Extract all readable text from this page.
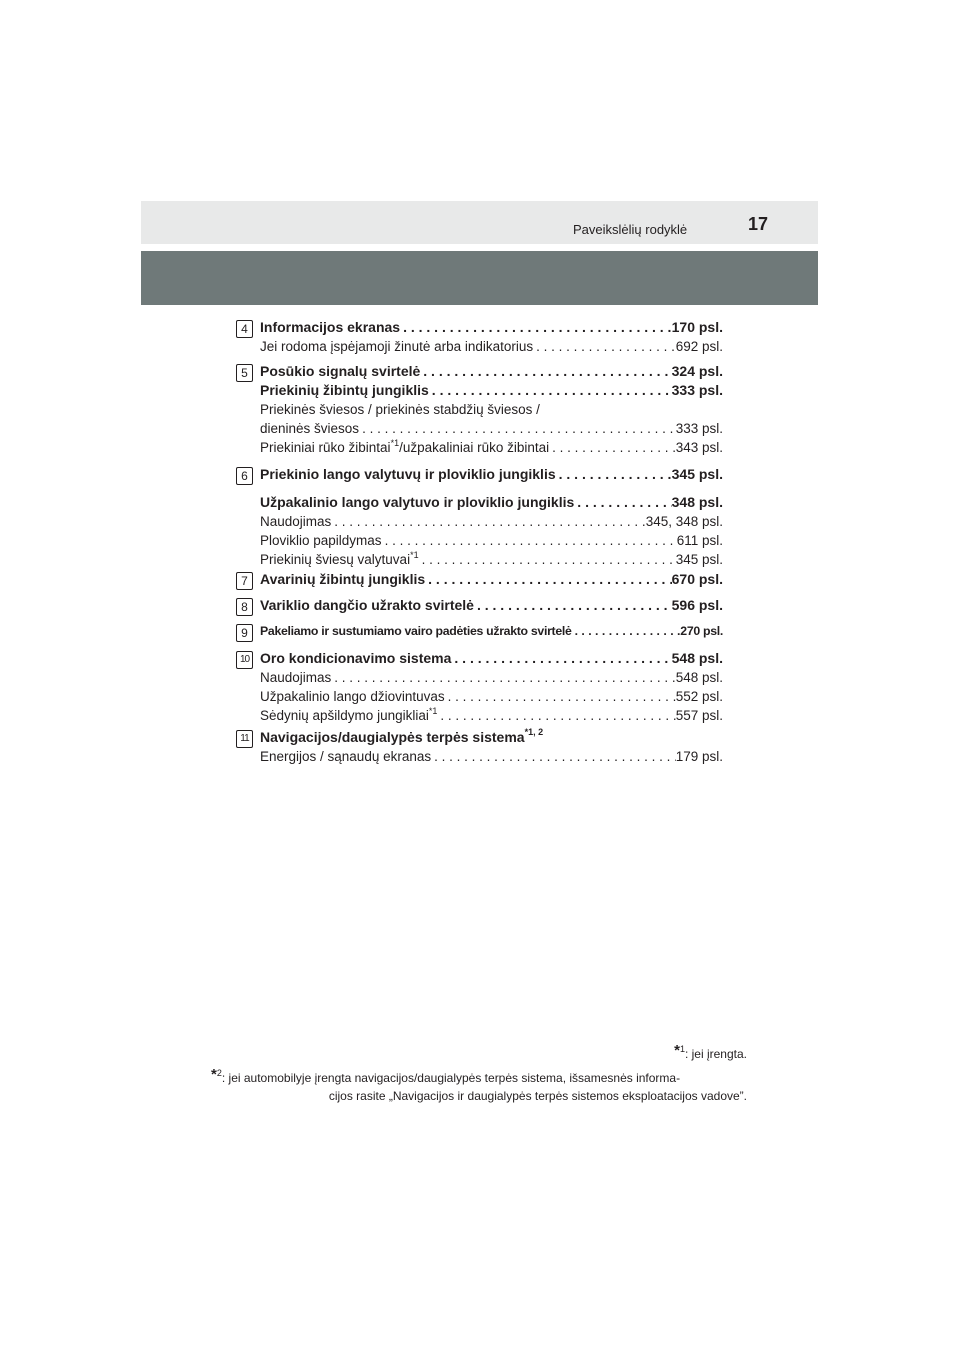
Paveikslėlių rodyklė	17
4 Informacijos ekranas . . .	170 psl.
Jei rodoma įspėjamoji žinutė arba indikatorius . . .	692 psl.
5 Posūkio signalų svirtelė . . .	324 psl.
Priekinių žibintų jungiklis . . .	333 psl.
Priekinės šviesos / priekinės stabdžių šviesos /
dieninės šviesos . . .	333 psl.
Priekiniai rūko žibintai$^{*1}$/užpakaliniai rūko žibintai . . .	343 psl.
6 Priekinio lango valytuvų ir ploviklio jungiklis . . .	345 psl.
Užpakalinio lango valytuvo ir ploviklio jungiklis . . .	348 psl.
Naudojimas . . .	345, 348 psl.
Ploviklio papildymas . . .	611 psl.
Priekinių šviesų valytuvai$^{*1}$ . . .	345 psl.
7 Avarinių žibintų jungiklis . . .	670 psl.
8 Variklio dangčio užrakto svirtelė . . .	596 psl.
9 Pakeliamo ir sustumiamo vairo padėties užrakto svirtelė . . .	270 psl.
10 Oro kondicionavimo sistema . . .	548 psl.
Naudojimas . . .	548 psl.
Užpakalinio lango džiovintuvas . . .	552 psl.
Sėdynių apšildymo jungikliai$^{*1}$ . . .	557 psl.
11 Navigacijos/daugialypės terpės sistema$^{*1, 2}$
Energijos / sąnaudų ekranas . . .	179 psl.
*$^1$: jei įrengta.
*$^2$: jei automobilyje įrengta navigacijos/daugialypės terpės sistema, išsamesnės informa-
cijos rasite „Navigacijos ir daugialypės terpės sistemos eksploatacijos vadove”.
